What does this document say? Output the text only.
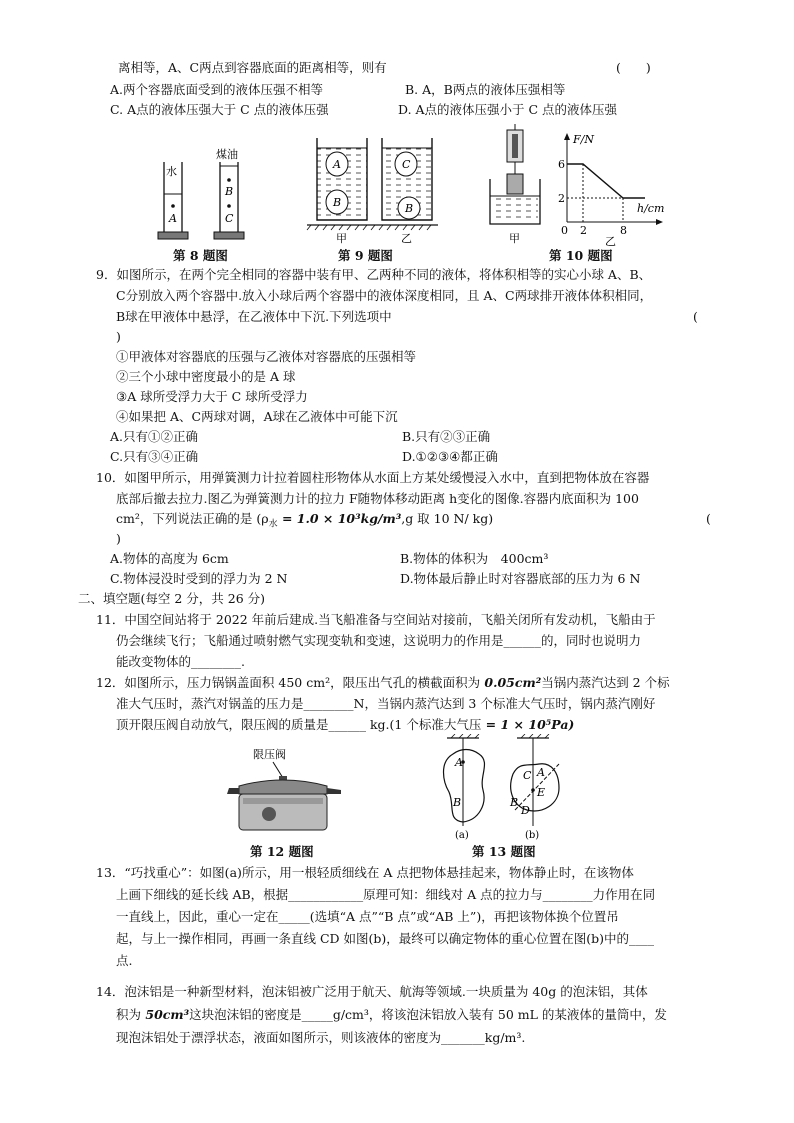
离相等，A、C两点到容器底面的距离相等，则有	(　　)
A.两个容器底面受到的液体压强不相等	B. A，B两点的液体压强相等
C. A点的液体压强大于 C 点的液体压强	D. A点的液体压强小于 C 点的液体压强
水
煤油
A
B
C
第 8 题图
A
B
C
B
甲	乙
第 9 题图
甲
F/N
h/cm
6
2
0 2	8
乙
第 10 题图
9．如图所示，在两个完全相同的容器中装有甲、乙两种不同的液体，将体积相等的实心小球 A、B、
C分别放入两个容器中.放入小球后两个容器中的液体深度相同，且 A、C两球排开液体体积相同，
B球在甲液体中悬浮，在乙液体中下沉.下列选项中	(
)
①甲液体对容器底的压强与乙液体对容器底的压强相等
②三个小球中密度最小的是 A 球
③A 球所受浮力大于 C 球所受浮力
④如果把 A、C两球对调，A球在乙液体中可能下沉
A.只有①②正确	B.只有②③正确
C.只有③④正确	D.①②③④都正确
10．如图甲所示，用弹簧测力计拉着圆柱形物体从水面上方某处缓慢浸入水中，直到把物体放在容器
底部后撤去拉力.图乙为弹簧测力计的拉力 F随物体移动距离 h变化的图像.容器内底面积为 100
cm²，下列说法正确的是 ($\rho_水 = 1.0 \times 10^3kg/m^3,g$ 取 10 N/ kg)	(
)
A.物体的高度为 6cm	B.物体的体积为　400cm³
C.物体浸没时受到的浮力为 2 N	D.物体最后静止时对容器底部的压力为 6 N
二、填空题(每空 2 分，共 26 分)
11．中国空间站将于 2022 年前后建成.当飞船准备与空间站对接前，飞船关闭所有发动机，飞船由于
仍会继续飞行；飞船通过喷射燃气实现变轨和变速，这说明力的作用是______的，同时也说明力
能改变物体的________.
12．如图所示，压力锅锅盖面积 450 cm²，限压出气孔的横截面积为 0.05cm²当锅内蒸汽达到 2 个标
准大气压时，蒸汽对锅盖的压力是________N，当锅内蒸汽达到 3 个标准大气压时，锅内蒸汽刚好
顶开限压阀自动放气，限压阀的质量是______ kg.(1 个标准大气压 = 1 × 10⁵Pa)
限压阀
第 12 题图
A
B
(a)
A
C
E
B
D
(b)
第 13 题图
13．“巧找重心”：如图(a)所示，用一根轻质细线在 A 点把物体悬挂起来，物体静止时，在该物体
上画下细线的延长线 AB，根据____________原理可知：细线对 A 点的拉力与________力作用在同
一直线上，因此，重心一定在_____(选填“A 点”“B 点”或“AB 上”)，再把该物体换个位置吊
起，与上一操作相同，再画一条直线 CD 如图(b)，最终可以确定物体的重心位置在图(b)中的____
点.
14．泡沫铝是一种新型材料，泡沫铝被广泛用于航天、航海等领域.一块质量为 40g 的泡沫铝，其体
积为 50cm³这块泡沫铝的密度是_____g/cm³，将该泡沫铝放入装有 50 mL 的某液体的量筒中，发
现泡沫铝处于漂浮状态，液面如图所示，则该液体的密度为_______kg/m³.
